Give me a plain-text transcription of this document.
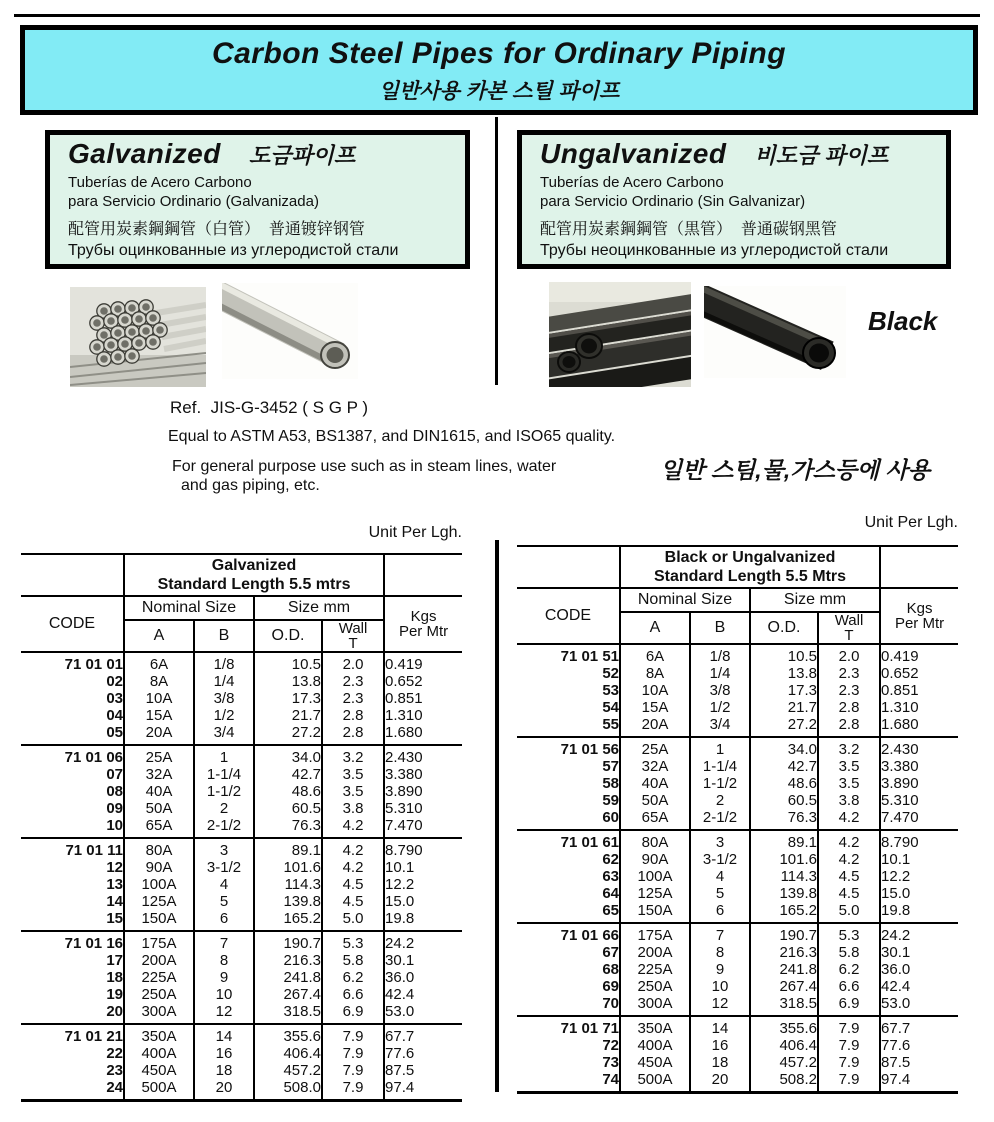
Carbon Steel Pipes for Ordinary Piping
일반사용 카본 스틸 파이프
Galvanized 도금파이프
Tuberías de Acero Carbono
para Servicio Ordinario (Galvanizada)
配管用炭素鋼鋼管（白管）  普通镀锌钢管
Трубы оцинкованные из углеродистой стали
Ungalvanized 비도금 파이프
Tuberías de Acero Carbono
para Servicio Ordinario (Sin Galvanizar)
配管用炭素鋼鋼管（黒管）  普通碳钢黑管
Трубы неоцинкованные из углеродистой стали
Black
Ref.  JIS-G-3452 ( S G P )
Equal to ASTM A53, BS1387, and DIN1615, and ISO65 quality.
For general purpose use such as in steam lines, water
and gas piping, etc.
일반 스팀,물,가스등에 사용
Unit Per Lgh.
Unit Per Lgh.

	Galvanized
Standard Length 5.5 mtrs				

CODE	Nominal Size		Size mm		Kgs
Per Mtr

	A	B	O.D.	Wall
T	

71 01 01	6A	1/8	10.5	2.0	0.419
02	8A	1/4	13.8	2.3	0.652
03	10A	3/8	17.3	2.3	0.851
04	15A	1/2	21.7	2.8	1.310
05	20A	3/4	27.2	2.8	1.680
71 01 06	25A	1	34.0	3.2	2.430
07	32A	1-1/4	42.7	3.5	3.380
08	40A	1-1/2	48.6	3.5	3.890
09	50A	2	60.5	3.8	5.310
10	65A	2-1/2	76.3	4.2	7.470
71 01 11	80A	3	89.1	4.2	8.790
12	90A	3-1/2	101.6	4.2	10.1
13	100A	4	114.3	4.5	12.2
14	125A	5	139.8	4.5	15.0
15	150A	6	165.2	5.0	19.8
71 01 16	175A	7	190.7	5.3	24.2
17	200A	8	216.3	5.8	30.1
18	225A	9	241.8	6.2	36.0
19	250A	10	267.4	6.6	42.4
20	300A	12	318.5	6.9	53.0
71 01 21	350A	14	355.6	7.9	67.7
22	400A	16	406.4	7.9	77.6
23	450A	18	457.2	7.9	87.5
24	500A	20	508.0	7.9	97.4

	Black or Ungalvanized
Standard Length 5.5 Mtrs				

CODE	Nominal Size		Size mm		Kgs
Per Mtr

	A	B	O.D.	Wall
T	

71 01 51	6A	1/8	10.5	2.0	0.419
52	8A	1/4	13.8	2.3	0.652
53	10A	3/8	17.3	2.3	0.851
54	15A	1/2	21.7	2.8	1.310
55	20A	3/4	27.2	2.8	1.680
71 01 56	25A	1	34.0	3.2	2.430
57	32A	1-1/4	42.7	3.5	3.380
58	40A	1-1/2	48.6	3.5	3.890
59	50A	2	60.5	3.8	5.310
60	65A	2-1/2	76.3	4.2	7.470
71 01 61	80A	3	89.1	4.2	8.790
62	90A	3-1/2	101.6	4.2	10.1
63	100A	4	114.3	4.5	12.2
64	125A	5	139.8	4.5	15.0
65	150A	6	165.2	5.0	19.8
71 01 66	175A	7	190.7	5.3	24.2
67	200A	8	216.3	5.8	30.1
68	225A	9	241.8	6.2	36.0
69	250A	10	267.4	6.6	42.4
70	300A	12	318.5	6.9	53.0
71 01 71	350A	14	355.6	7.9	67.7
72	400A	16	406.4	7.9	77.6
73	450A	18	457.2	7.9	87.5
74	500A	20	508.2	7.9	97.4
